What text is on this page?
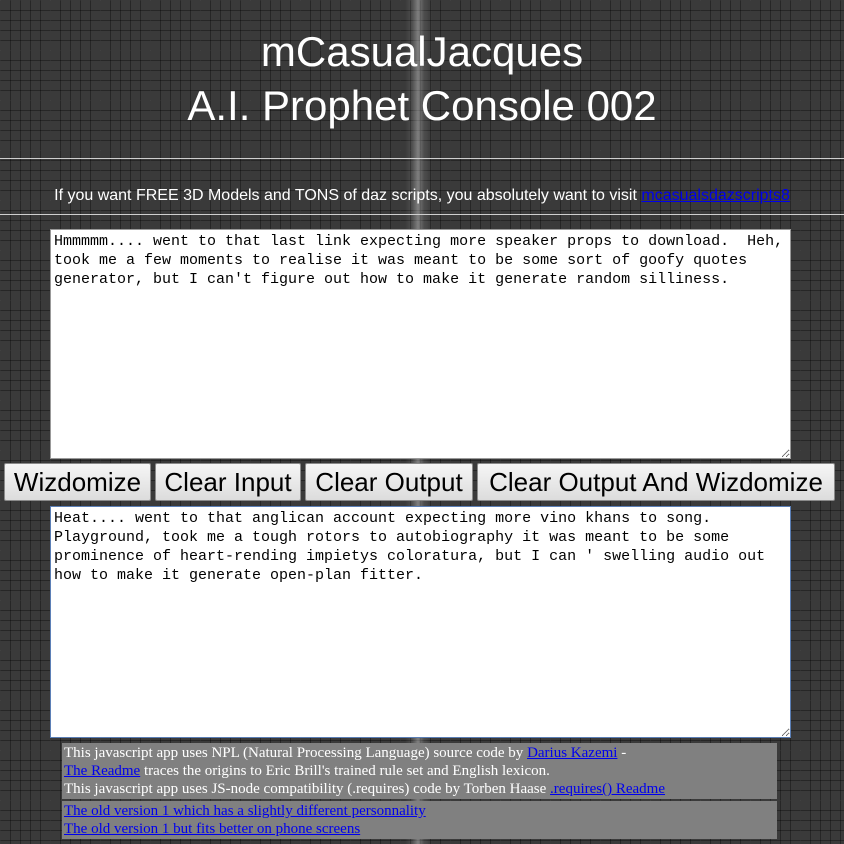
mCasualJacques
A.I. Prophet Console 002
If you want FREE 3D Models and TONS of daz scripts, you absolutely want to visit mcasualsdazscripts8
Hmmmmm.... went to that last link expecting more speaker props to download. Heh, took me a few moments to realise it was meant to be some sort of goofy quotes generator, but I can't figure out how to make it generate random silliness.
Wizdomize Clear Input Clear Output	Clear Output And Wizdomize
Heat.... went to that anglican account expecting more vino khans to song. Playground, took me a tough rotors to autobiography it was meant to be some prominence of heart-rending impietys coloratura, but I can ' swelling audio out how to make it generate open-plan fitter.
This javascript app uses NPL (Natural Processing Language) source code by Darius Kazemi -
The Readme traces the origins to Eric Brill's trained rule set and English lexicon.
This javascript app uses JS-node compatibility (.requires) code by Torben Haase .requires() Readme
The old version 1 which has a slightly different personnality
The old version 1 but fits better on phone screens
